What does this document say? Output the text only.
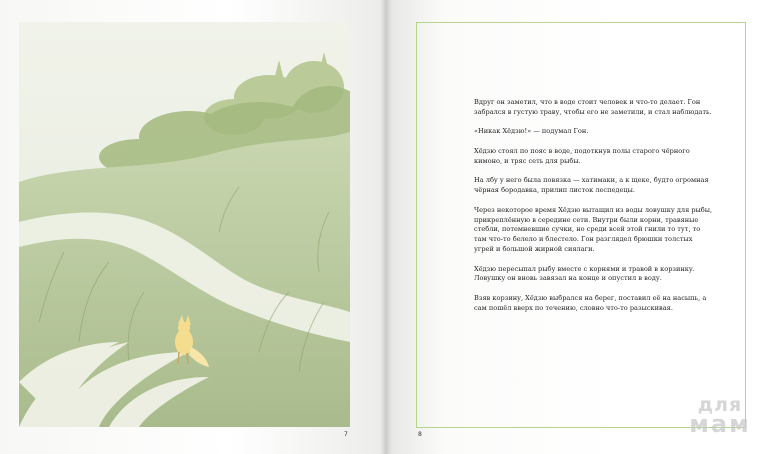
Вдруг он заметил, что в воде стоит человек и что-то делает. Гон забрался в густую траву, чтобы его не заметили, и стал наблюдать.

«Никак Хёдзю!» — подумал Гон.

Хёдзю стоял по пояс в воде, подоткнув полы старого чёрного кимоно, и тряс сеть для рыбы.

На лбу у него была повязка — хатимаки, а к щеке, будто огромная чёрная бородавка, прилип листок леспедецы.

Через некоторое время Хёдзю вытащил из воды ловушку для рыбы, прикреплённую в середине сети. Внутри были корни, травяные стебли, потемневшие сучки, но среди всей этой гнили то тут, то там что-то белело и блестело. Гон разглядел брюшки толстых угрей и большой жирной сиялаги.

Хёдзю пересыпал рыбу вместе с корнями и травой в корзинку. Ловушку он вновь завязал на конце и опустил в воду.

Взяв корзину, Хёдзю выбрался на берег, поставил её на насыпь, а сам пошёл вверх по течению, словно что-то разыскивая.

7	8
для
мам
